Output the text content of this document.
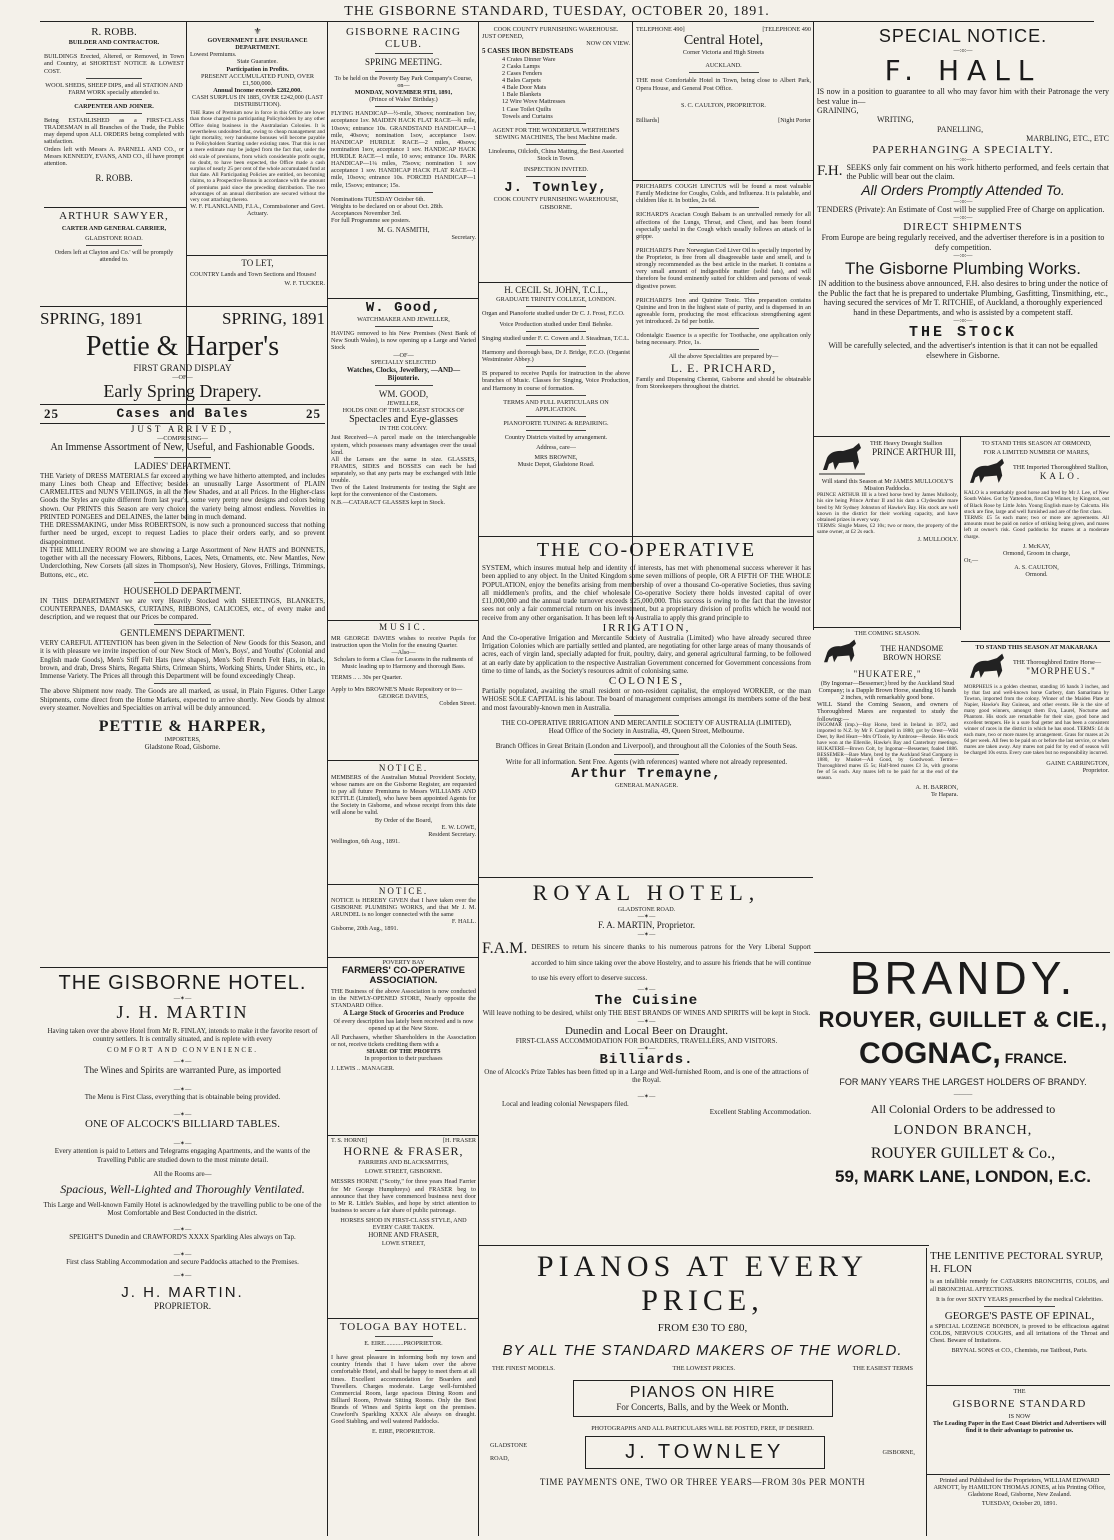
THE GISBORNE STANDARD, TUESDAY, OCTOBER 20, 1891.
R. ROBB.
BUILDER AND CONTRACTOR.
BUILDINGS Erected, Altered, or Removed, in Town and Country, at SHORTEST NOTICE & LOWEST COST.
WOOL SHEDS, SHEEP DIPS, and all STATION AND FARM WORK specially attended to.
CARPENTER AND JOINER.
Being ESTABLISHED as a FIRST-CLASS TRADESMAN in all Branches of the Trade, the Public may depend upon ALL ORDERS being completed with satisfaction.
Orders left with Messrs A. PARNELL AND CO., or Messrs KENNEDY, EVANS, AND CO., ill have prompt attention.
R. ROBB.
ARTHUR SAWYER,
CARTER AND GENERAL CARRIER,
GLADSTONE ROAD.
Orders left at Clayton and Co.' will be promptly attended to.
⚜
GOVERNMENT LIFE INSURANCE DEPARTMENT.
Lowest Premiums.
State Guarantee.
Participation in Profits.
PRESENT ACCUMULATED FUND, OVER £1,500,000.
Annual Income exceeds £282,000.
CASH SURPLUS IN 1885, OVER £242,000 (LAST DISTRIBUTION).
THE Rates of Premium now in force in this Office are lower than those charged to participating Policyholders by any other Office doing business in the Australasian Colonies. It is nevertheless undoubted that, owing to cheap management and light mortality, very handsome bonuses will become payable to Policyholders Starting under existing rates. That this is not a mere estimate may be judged from the fact that, under the old scale of premiums, from which considerable profit ought, no doubt, to have been expected, the Office made a cash surplus of nearly 25 per cent of the whole accumulated fund at that date. All Participating Policies are entitled, on becoming claims, to a Prospective Bonus in accordance with the amount of premiums paid since the preceding distribution. The two advantages of an annual distribution are secured without the very cost attaching thereto.
W. F. FLANKLAND, F.I.A., Commissioner and Govt. Actuary.
TO LET,
COUNTRY Lands and Town Sections and Houses!
W. F. TUCKER.
SPRING, 1891	SPRING, 1891
Pettie & Harper's
FIRST GRAND DISPLAY
—OF—
Early Spring Drapery.
25	Cases and Bales	25
JUST ARRIVED,
—COMPRISING—
An Immense Assortment of New, Useful, and Fashionable Goods.
LADIES' DEPARTMENT.
THE Variety of DRESS MATERIALS far exceed anything we have hitherto attempted, and includes many Lines both Cheap and Effective; besides an unusually Large Assortment of PLAIN CARMELITES and NUN'S VEILINGS, in all the New Shades, and at all Prices. In the Higher-class Goods the Styles are quite different from last year's, some very pretty new designs and colors being shown. Our PRINTS this Season are very choice, the variety being almost endless. Novelties in PRINTED PONGEES and DELAINES, the latter being in much demand.
THE DRESSMAKING, under Miss ROBERTSON, is now such a pronounced success that nothing further need be urged, except to request Ladies to place their orders early, and so prevent disappointment.
IN THE MILLINERY ROOM we are showing a Large Assortment of New HATS and BONNETS, together with all the necessary Flowers, Ribbons, Laces, Nets, Ornaments, etc. New Mantles, New Underclothing, New Corsets (all sizes in Thompson's), New Hosiery, Gloves, Frillings, Trimmings, Buttons, etc., etc.
HOUSEHOLD DEPARTMENT.
IN THIS DEPARTMENT we are very Heavily Stocked with SHEETINGS, BLANKETS, COUNTERPANES, DAMASKS, CURTAINS, RIBBONS, CALICOES, etc., of every make and description, and we request that our Prices be compared.
GENTLEMEN'S DEPARTMENT.
VERY CAREFUL ATTENTION has been given in the Selection of New Goods for this Season, and it is with pleasure we invite inspection of our New Stock of Men's, Boys', and Youths' (Colonial and English made Goods), Men's Stiff Felt Hats (new shapes), Men's Soft French Felt Hats, in black, brown, and drab, Dress Shirts, Regatta Shirts, Crimean Shirts, Working Shirts, Under Shirts, etc., in Immense Variety. The Prices all through this Department will be found exceedingly Cheap.
The above Shipment now ready. The Goods are all marked, as usual, in Plain Figures. Other Large Shipments, come direct from the Home Markets, expected to arrive shortly. New Goods by almost every steamer. Novelties and Specialties on arrival will be duly announced.
PETTIE & HARPER,
IMPORTERS,
Gladstone Road, Gisborne.
THE GISBORNE HOTEL.
—✶—
J. H. MARTIN
Having taken over the above Hotel from Mr R. FINLAY, intends to make it the favorite resort of country settlers. It is centrally situated, and is replete with every
COMFORT AND CONVENIENCE.
—✶—
The Wines and Spirits are warranted Pure, as imported
—✶—
The Menu is First Class, everything that is obtainable being provided.
—✶—
ONE OF ALCOCK'S BILLIARD TABLES.
—✶—
Every attention is paid to Letters and Telegrams engaging Apartments, and the wants of the Travelling Public are studied down to the most minute detail.
All the Rooms are—
Spacious, Well-Lighted and Thoroughly Ventilated.
This Large and Well-known Family Hotel is acknowledged by the travelling public to be one of the Most Comfortable and Best Conducted in the district.
—✶—
SPEIGHT'S Dunedin and CRAWFORD'S XXXX Sparkling Ales always on Tap.
—✶—
First class Stabling Accommodation and secure Paddocks attached to the Premises.
—✶—
J. H. MARTIN.
PROPRIETOR.
GISBORNE RACING CLUB.
SPRING MEETING.
To be held on the Poverty Bay Park Company's Course, on—
MONDAY, NOVEMBER 9TH, 1891,
(Prince of Wales' Birthday.)
FLYING HANDICAP—½-mile, 30sovs; nomination 1sv, acceptance 1sv. MAIDEN HACK FLAT RACE—¾ mile, 10sovs; entrance 10s. GRANDSTAND HANDICAP—1 mile, 40sovs; nomination 1sov, acceptance 1sov. HANDICAP HURDLE RACE—2 miles, 40sovs; nomination 1sov, acceptance 1 sov. HANDICAP HACK HURDLE RACE—1 mile, 10 sovs; entrance 10s. PARK HANDICAP—1¼ miles, 75sovs; nomination 1 sov acceptance 1 sov. HANDICAP HACK FLAT RACE—1 mile, 10sovs; entrance 10s. FORCED HANDICAP—1 mile, 15sovs; entrance; 15s.
Nominations TUESDAY October 6th.
Weights to be declared on or about Oct. 28th.
Acceptances November 3rd.
For full Programme see posters.
M. G. NASMITH,
Secretary.
W. Good,
WATCHMAKER AND JEWELLER,
HAVING removed to his New Premises (Next Bank of New South Wales), is now opening up a Large and Varied Stock
—OF—
SPECIALLY SELECTED
Watches, Clocks, Jewellery, —AND— Bijouterie.
WM. GOOD,
JEWELLER,
HOLDS ONE OF THE LARGEST STOCKS OF
Spectacles and Eye-glasses
IN THE COLONY.
Just Received—A parcel made on the interchangeable system, which possesses many advantages over the usual kind.
All the Lenses are the same in size. GLASSES, FRAMES, SIDES and BOSSES can each be had separately, so that any parts may be exchanged with little trouble.
Two of the Latest Instruments for testing the Sight are kept for the convenience of the Customers.
N.B.—CATARACT GLASSES kept in Stock.
MUSIC.
MR GEORGE DAVIES wishes to receive Pupils for instruction upon the Violin for the ensuing Quarter.
—Also—
Scholars to form a Class for Lessons in the rudiments of Music leading up to Harmony and thorough Bass.
TERMS .. .. 30s per Quarter.
Apply to Mrs BROWNE'S Music Repository or to—
GEORGE DAVIES,
Cobden Street.
NOTICE.
MEMBERS of the Australian Mutual Provident Society, whose names are on the Gisborne Register, are requested to pay all future Premiums to Messrs WILLIAMS AND KETTLE (Limited), who have been appointed Agents for the Society in Gisborne, and whose receipt from this date will alone be valid.
By Order of the Board,
E. W. LOWE,
Resident Secretary.
Wellington, 6th Aug., 1891.
NOTICE.
NOTICE is HEREBY GIVEN that I have taken over the GISBORNE PLUMBING WORKS, and that Mr J. M. ARUNDEL is no longer connected with the same
F. HALL.
Gisborne, 20th Aug., 1891.
POVERTY BAY
FARMERS' CO-OPERATIVE ASSOCIATION.
THE Business of the above Association is now conducted in the NEWLY-OPENED STORE, Nearly opposite the STANDARD Office.
A Large Stock of Groceries and Produce
Of every description has lately been received and is now opened up at the New Store.
All Purchasers, whether Shareholders in the Association or not, receive tickets crediting them with a
SHARE OF THE PROFITS
In proportion to their purchases
J. LEWIS .. MANAGER.
T. S. HORNE]	[H. FRASER
HORNE & FRASER,
FARRIERS AND BLACKSMITHS,
LOWE STREET, GISBORNE.
MESSRS HORNE ("Scotty," for three years Head Farrier for Mr George Humphreys) and FRASER beg to announce that they have commenced business next door to Mr R. Little's Stables, and hope by strict attention to business to secure a fair share of public patronage.
HORSES SHOD IN FIRST-CLASS STYLE, AND EVERY CARE TAKEN.
HORNE AND FRASER,
LOWE STREET,
TOLOGA BAY HOTEL.
E. EIRE............PROPRIETOR.
I have great pleasure in informing both my town and country friends that I have taken over the above comfortable Hotel, and shall be happy to meet them at all times. Excellent accommodation for Boarders and Travellers. Charges moderate. Large well-furnished Commercial Room, large spacious Dining Room and Billiard Room, Private Sitting Rooms. Only the Best Brands of Wines and Spirits kept on the premises. Crawford's Sparkling XXXX Ale always on draught. Good Stabling, and well watered Paddocks.
E. EIRE, PROPRIETOR.
COOK COUNTY FURNISHING WAREHOUSE.
JUST OPENED,
NOW ON VIEW.
5 CASES IRON BEDSTEADS
4 Crates Dinner Ware
2 Casks Lamps
2 Cases Fenders
4 Bales Carpets
4 Bale Door Mats
1 Bale Blankets
12 Wire Wove Mattresses
1 Case Toilet Quilts
Towels and Curtains
AGENT FOR THE WONDERFUL WERTHEIM'S SEWING MACHINES, The best Machine made.
Linoleums, Oilcloth, China Matting, the Best Assorted Stock in Town.
INSPECTION INVITED.
J. Townley,
COOK COUNTY FURNISHING WAREHOUSE, GISBORNE.
H. CECIL St. JOHN, T.C.L.,
GRADUATE TRINITY COLLEGE, LONDON.
Organ and Pianoforte studied under Dr C. J. Frost, F.C.O.
Voice Production studied under Emil Behnke.
Singing studied under F. C. Cowen and J. Steadman, T.C.L.
Harmony and thorough bass, Dr J. Bridge, F.C.O. (Organist Westminster Abbey.)
IS prepared to receive Pupils for instruction in the above branches of Music. Classes for Singing, Voice Production, and Harmony in course of formation.
TERMS AND FULL PARTICULARS ON APPLICATION.
PIANOFORTE TUNING & REPAIRING.
Country Districts visited by arrangement.
Address, care—
MRS BROWNE,
Music Depot, Gladstone Road.
TELEPHONE 490]	[TELEPHONE 490
Central Hotel,
Corner Victoria and High Streets
AUCKLAND.
THE most Comfortable Hotel in Town, being close to Albert Park, Opera House, and General Post Office.
S. C. CAULTON, PROPRIETOR.
Billiards]	[Night Porter
PRICHARD'S COUGH LINCTUS will be found a most valuable Family Medicine for Coughs, Colds, and Influenza. It is palatable, and children like it. In bottles, 2s 6d.
RICHARD'S Acacian Cough Balsam is an unrivalled remedy for all affections of the Lungs, Throat, and Chest, and has been found especially useful in the Cough which usually follows an attack of la grippe.
PRICHARD'S Pure Norwegian Cod Liver Oil is specially imported by the Proprietor, is free from all disagreeable taste and smell, and is strongly recommended as the best article in the market. It contains a very small amount of indigestible matter (solid fats), and will therefore be found eminently suited for children and persons of weak digestive power.
PRICHARD'S Iron and Quinine Tonic. This preparation contains Quinine and Iron in the highest state of purity, and is dispensed in an agreeable form, producing the most efficacious strengthening agent yet introduced. 2s 6d per bottle.
Odontalgic Essence is a specific for Toothache, one application only being necessary. Price, 1s.
All the above Specialities are prepared by—
L. E. PRICHARD,
Family and Dispensing Chemist, Gisborne and should be obtainable from Storekeepers throughout the district.
THE CO-OPERATIVE
SYSTEM, which insures mutual help and identity of interests, has met with phenomenal success wherever it has been applied to any object. In the United Kingdom some seven millions of people, OR A FIFTH OF THE WHOLE POPULATION, enjoy the benefits arising from membership of over a thousand Co-operative Societies, thus saving all middlemen's profits, and the chief wholesale Co-operative Society there holds invested capital of over £11,000,000 and the annual trade turnover exceeds £25,000,000. This success is owing to the fact that the investor sees not only a fair commercial return on his investment, but a proprietary division of profits which he would not receive from any other organisation. It has been left to Australia to apply this grand principle to
IRRIGATION,
And the Co-operative Irrigation and Mercantile Society of Australia (Limited) who have already secured three Irrigation Colonies which are partially settled and planted, are negotiating for other large areas of many thousands of acres, each of virgin land, specially adapted for fruit, poultry, dairy, and general agricultural farming, to be followed at an early date by application to the respective Australian Government concerned for Government concessions from time to time of lands, as the Society's resources admit of colonising same.
COLONIES,
Partially populated, awaiting the small resident or non-resident capitalist, the employed WORKER, or the man WHOSE SOLE CAPITAL is his labour. The board of management comprises amongst its members some of the best and most favourably-known men in Australia.
THE CO-OPERATIVE IRRIGATION AND MERCANTILE SOCIETY OF AUSTRALIA (LIMITED),
Head Office of the Society in Australia, 49, Queen Street, Melbourne.
Branch Offices in Great Britain (London and Liverpool), and throughout all the Colonies of the South Seas.
Write for all information. Sent Free. Agents (with references) wanted where not already represented.
Arthur Tremayne,
GENERAL MANAGER.
ROYAL HOTEL,
GLADSTONE ROAD.
—✶—
F. A. MARTIN, Proprietor.
—✶—
F.A.M. DESIRES to return his sincere thanks to his numerous patrons for the Very Liberal Support accorded to him since taking over the above Hostelry, and to assure his friends that he will continue to use his every effort to deserve success.
—✶—
The Cuisine
Will leave nothing to be desired, whilst only THE BEST BRANDS OF WINES AND SPIRITS will be kept in Stock.
—✶—
Dunedin and Local Beer on Draught.
FIRST-CLASS ACCOMMODATION FOR BOARDERS, TRAVELLERS, AND VISITORS.
—✶—
Billiards.
One of Alcock's Prize Tables has been fitted up in a Large and Well-furnished Room, and is one of the attractions of the Royal.
—✶—
Local and leading colonial Newspapers filed.
Excellent Stabling Accommodation.
PIANOS AT EVERY PRICE,
FROM £30 TO £80,
BY ALL THE STANDARD MAKERS OF THE WORLD.
THE FINEST MODELS.	THE LOWEST PRICES.	THE EASIEST TERMS
PIANOS ON HIRE
For Concerts, Balls, and by the Week or Month.
PHOTOGRAPHS AND ALL PARTICULARS WILL BE POSTED, FREE, IF DESIRED.
GLADSTONE
ROAD,	J. TOWNLEY	GISBORNE,
TIME PAYMENTS ONE, TWO OR THREE YEARS—FROM 30s PER MONTH
SPECIAL NOTICE.
—:o:—
F. HALL
IS now in a position to guarantee to all who may favor him with their Patronage the very best value in—
GRAINING,
WRITING,
PANELLING,
MARBLING, ETC., ETC
PAPERHANGING A SPECIALTY.
—:o:—
F.H. SEEKS only fair comment on his work hitherto performed, and feels certain that the Public will bear out the claim.
All Orders Promptly Attended To.
—:o:—
TENDERS (Private): An Estimate of Cost will be supplied Free of Charge on application.
—:o:—
DIRECT SHIPMENTS
From Europe are being regularly received, and the advertiser therefore is in a position to defy competition.
—:o:—
The Gisborne Plumbing Works.
IN addition to the business above announced, F.H. also desires to bring under the notice of the Public the fact that he is prepared to undertake Plumbing, Gasfitting, Tinsmithing, etc., having secured the services of Mr T. RITCHIE, of Auckland, a thoroughly experienced hand in these Departments, and who is assisted by a competent staff.
—:o:—
THE STOCK
Will be carefully selected, and the advertiser's intention is that it can not be equalled elsewhere in Gisborne.
THE Heavy Draught Stallion
PRINCE ARTHUR III,
Will stand this Season at Mr JAMES MULLOOLY'S Mission Paddocks.
PRINCE ARTHUR III is a bred horse bred by James Mullooly, his sire being Prince Arthur II and his dam a Clydesdale mare bred by Mr Sydney Johnston of Hawke's Bay. His stock are well known in the district for their working capacity, and have obtained prizes in every way.
TERMS: Single Mares, £2 10s; two or more, the property of the same owner, at £2 2s each.
J. MULLOOLY.
THE COMING SEASON.
THE HANDSOME
BROWN HORSE
"HUKATERE,"
(By Ingomar—Bessemer;) bred by the Auckland Stud Company; is a Dapple Brown Horse, standing 16 hands 2 inches, with remarkably good bone.
WILL Stand the Coming Season, and owners of Thoroughbred Mares are requested to study the following:—
INGOMAR (imp.)—Bay Horse, bred in Ireland in 1872, and imported to N.Z. by Mr F. Campbell in 1880; got by Orest—Wild Deer, by Red Heart—Mrs O'Toole, by Ambrose—Bessie. His stock have won at the Ellerslie, Hawke's Bay and Canterbury meetings. HUKATERE—Brown Colt, by Ingomar—Bessemer, foaled 1886. BESSEMER—Bare Mare, bred by the Auckland Stud Company in 1880, by Musket—All Good, by Goodwood. Terms—Thoroughbred mares £5 5s; Half-bred mares £3 3s, with grooms fee of 5s each. Any mares left to be paid for at the end of the season.
A. H. BARRON,
Te Hapara.
TO STAND THIS SEASON AT ORMOND,
FOR A LIMITED NUMBER OF MARES,
THE Imported Thoroughbred Stallion,
KALO.
KALO is a remarkably good horse and bred by Mr J. Lee, of New South Wales. Got by Yattendon, first Cup Winner, by Kingston, out of Black Rose by Little John. Young English mare by Calcutta. His stock are fine, large and well furnished and are of the first class.
TERMS: £5 5s each mare; two or more are agreements. All amounts must be paid on notice of striking being given, and mares left at owner's risk. Good paddocks for mares at a moderate charge.
J. McKAY,
Ormond, Groom in charge,
Or,—
A. S. CAULTON,
Ormond.
TO STAND THIS SEASON AT MAKARAKA
THE Thoroughbred Entire Horse—
"MORPHEUS."
MORPHEUS is a golden chestnut, standing 16 hands 3 inches, and by that fast and well-known horse Garbery, dam Samaritana by Towton, imported from the colony. Winner of the Maiden Plate at Napier, Hawke's Bay Guineas, and other events. He is the sire of many good winners, amongst them Eva, Laurel, Nocturne and Phantom. His stock are remarkable for their size, good bone and excellent tempers. He is a sure foal getter and has been a consistent winner of races in the district in which he has stood. TERMS: £4 4s each mare, two or more mares by arrangement. Grass for mares at 2s 6d per week. All fees to be paid on or before the last service, or when mares are taken away. Any mares not paid for by end of season will be charged 10s extra. Every care taken but no responsibility incurred.
GAINE CARRINGTON,
Proprietor.
BRANDY.
ROUYER, GUILLET & CIE.,
COGNAC, FRANCE.
FOR MANY YEARS THE LARGEST HOLDERS OF BRANDY.
———
All Colonial Orders to be addressed to
LONDON BRANCH,
ROUYER GUILLET & Co.,
59, MARK LANE, LONDON, E.C.
THE LENITIVE PECTORAL SYRUP, H. FLON
is an infallible remedy for CATARRHS BRONCHITIS, COLDS, and all BRONCHIAL AFFECTIONS.
It is for over SIXTY YEARS prescribed by the medical Celebrities.
GEORGE'S PASTE OF EPINAL,
a SPECIAL LOZENGE BONBON, is proved to be efficacious against COLDS, NERVOUS COUGHS, and all irritations of the Throat and Chest. Beware of Imitations.
BRYNAL SONS et CO., Chemists, rue Taitbout, Paris.
THE
GISBORNE STANDARD
IS NOW
The Leading Paper in the East Coast District and Advertisers will find it to their advantage to patronise us.
Printed and Published for the Proprietors, WILLIAM EDWARD ARNOTT, by HAMILTON THOMAS JONES, at his Printing Office, Gladstone Road, Gisborne, New Zealand.
TUESDAY, October 20, 1891.
